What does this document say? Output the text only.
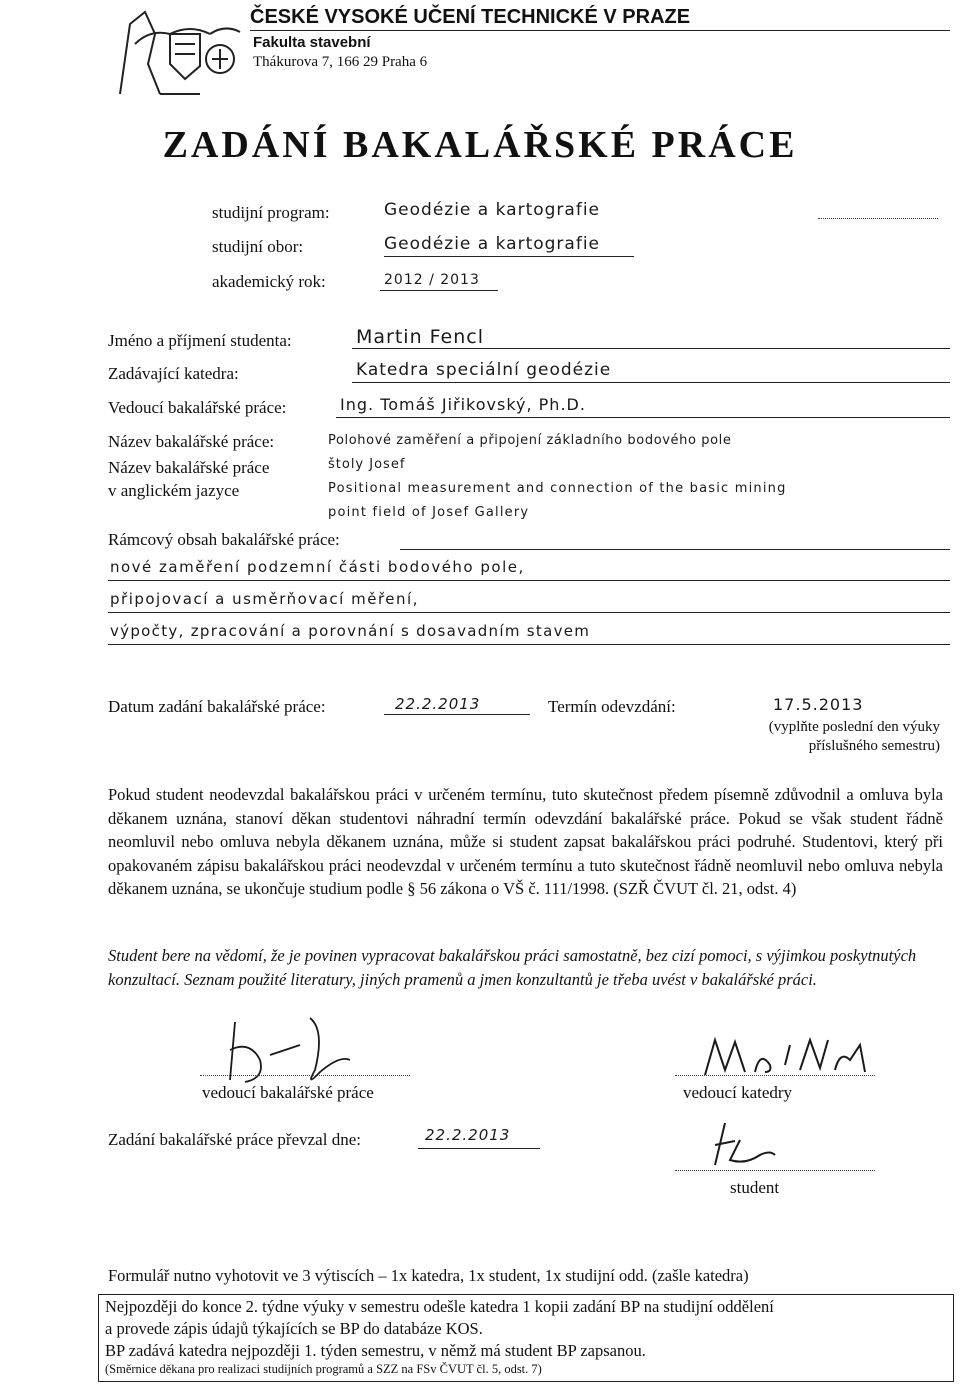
ČESKÉ VYSOKÉ UČENÍ TECHNICKÉ V PRAZE
Fakulta stavební
Thákurova 7, 166 29 Praha 6
ZADÁNÍ BAKALÁŘSKÉ PRÁCE
studijní program:	Geodézie a kartografie
studijní obor:	Geodézie a kartografie
akademický rok:	2012 / 2013
Jméno a příjmení studenta:	Martin Fencl
Zadávající katedra:	Katedra speciální geodézie
Vedoucí bakalářské práce:	Ing. Tomáš Jiřikovský, Ph.D.
Název bakalářské práce:	Polohové zaměření a připojení základního bodového pole
štoly Josef
Název bakalářské práce
v anglickém jazyce	Positional measurement and connection of the basic mining
point field of Josef Gallery
Rámcový obsah bakalářské práce:
nové zaměření podzemní části bodového pole,
připojovací a usměrňovací měření,
výpočty, zpracování a porovnání s dosavadním stavem
Datum zadání bakalářské práce:	22.2.2013	Termín odevzdání:	17.5.2013
(vyplňte poslední den výuky
příslušného semestru)
Pokud student neodevzdal bakalářskou práci v určeném termínu, tuto skutečnost předem písemně zdůvodnil a omluva byla děkanem uznána, stanoví děkan studentovi náhradní termín odevzdání bakalářské práce. Pokud se však student řádně neomluvil nebo omluva nebyla děkanem uznána, může si student zapsat bakalářskou práci podruhé. Studentovi, který při opakovaném zápisu bakalářskou práci neodevzdal v určeném termínu a tuto skutečnost řádně neomluvil nebo omluva nebyla děkanem uznána, se ukončuje studium podle § 56 zákona o VŠ č. 111/1998. (SZŘ ČVUT čl. 21, odst. 4)
Student bere na vědomí, že je povinen vypracovat bakalářskou práci samostatně, bez cizí pomoci, s výjimkou poskytnutých konzultací. Seznam použité literatury, jiných pramenů a jmen konzultantů je třeba uvést v bakalářské práci.
vedoucí bakalářské práce	vedoucí katedry
Zadání bakalářské práce převzal dne:	22.2.2013
student
Formulář nutno vyhotovit ve 3 výtiscích – 1x katedra, 1x student, 1x studijní odd. (zašle katedra)
Nejpozději do konce 2. týdne výuky v semestru odešle katedra 1 kopii zadání BP na studijní oddělení
a provede zápis údajů týkajících se BP do databáze KOS.
BP zadává katedra nejpozději 1. týden semestru, v němž má student BP zapsanou.
(Směrnice děkana pro realizaci studijních programů a SZZ na FSv ČVUT čl. 5, odst. 7)
